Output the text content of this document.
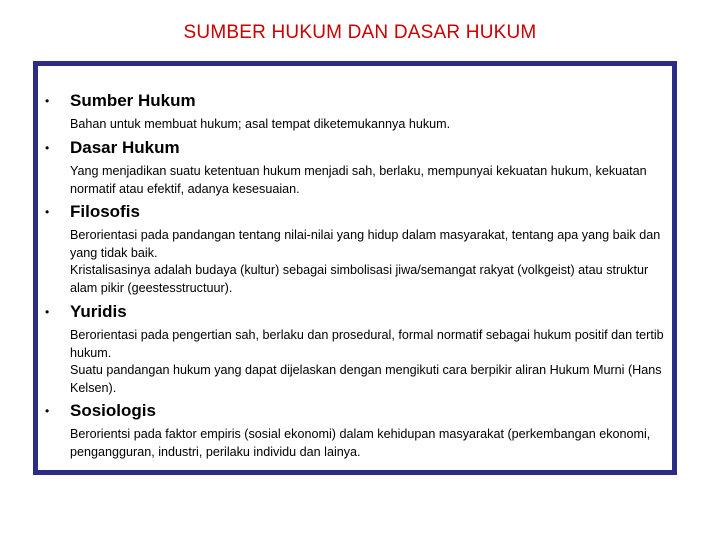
SUMBER HUKUM DAN DASAR HUKUM
• Sumber Hukum

Bahan untuk membuat hukum; asal tempat diketemukannya hukum.

• Dasar Hukum

Yang menjadikan suatu ketentuan hukum menjadi sah, berlaku, mempunyai kekuatan hukum, kekuatan normatif atau efektif, adanya kesesuaian.

• Filosofis

Berorientasi pada pandangan tentang nilai-nilai yang hidup dalam masyarakat, tentang apa yang baik dan yang tidak baik.

Kristalisasinya adalah budaya (kultur) sebagai simbolisasi jiwa/semangat rakyat (volkgeist) atau struktur alam pikir (geestesstructuur).

• Yuridis

Berorientasi pada pengertian sah, berlaku dan prosedural, formal normatif sebagai hukum positif dan tertib hukum.

Suatu pandangan hukum yang dapat dijelaskan dengan mengikuti cara berpikir aliran Hukum Murni (Hans Kelsen).

• Sosiologis

Berorientsi pada faktor empiris (sosial ekonomi) dalam kehidupan masyarakat (perkembangan ekonomi, pengangguran, industri, perilaku individu dan lainya.
